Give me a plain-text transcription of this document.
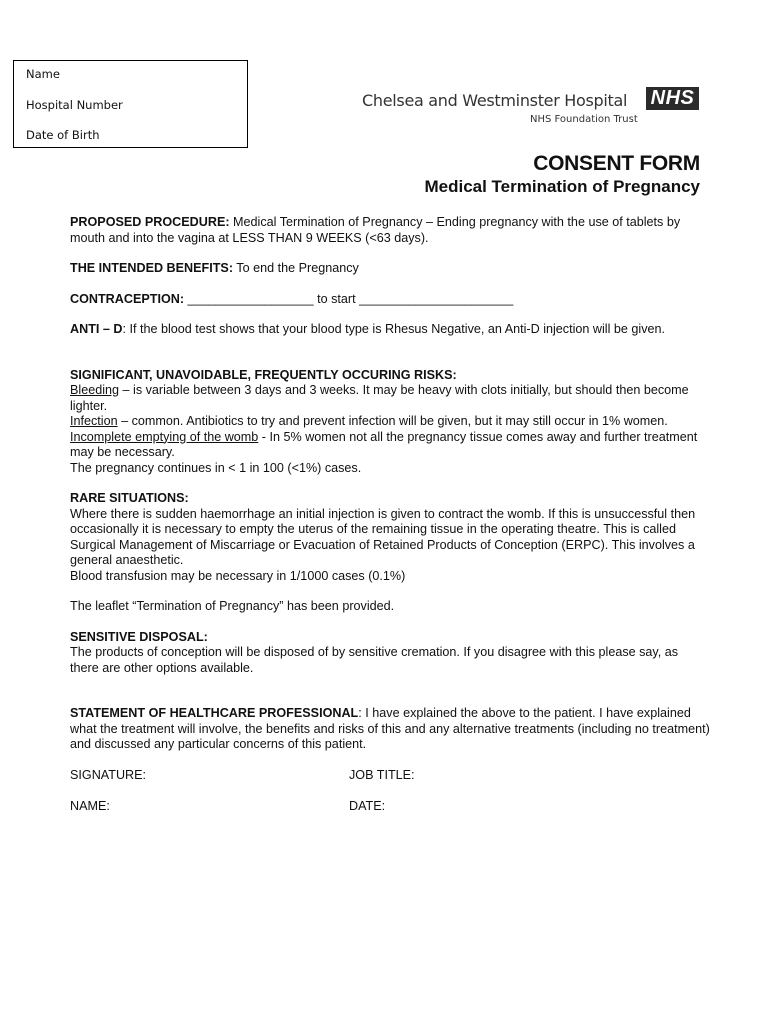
Name
Hospital Number
Date of Birth
Chelsea and Westminster Hospital NHS
NHS Foundation Trust
CONSENT FORM
Medical Termination of Pregnancy

PROPOSED PROCEDURE: Medical Termination of Pregnancy – Ending pregnancy with the use of tablets by mouth and into the vagina at LESS THAN 9 WEEKS (<63 days).

THE INTENDED BENEFITS: To end the Pregnancy

CONTRACEPTION: __________________ to start ______________________

ANTI – D: If the blood test shows that your blood type is Rhesus Negative, an Anti-D injection will be given.

SIGNIFICANT, UNAVOIDABLE, FREQUENTLY OCCURING RISKS:

Bleeding – is variable between 3 days and 3 weeks. It may be heavy with clots initially, but should then become lighter.

Infection – common. Antibiotics to try and prevent infection will be given, but it may still occur in 1% women.

Incomplete emptying of the womb - In 5% women not all the pregnancy tissue comes away and further treatment may be necessary.

The pregnancy continues in < 1 in 100 (<1%) cases.

RARE SITUATIONS:

Where there is sudden haemorrhage an initial injection is given to contract the womb. If this is unsuccessful then occasionally it is necessary to empty the uterus of the remaining tissue in the operating theatre. This is called Surgical Management of Miscarriage or Evacuation of Retained Products of Conception (ERPC). This involves a general anaesthetic.

Blood transfusion may be necessary in 1/1000 cases (0.1%)

The leaflet “Termination of Pregnancy” has been provided.

SENSITIVE DISPOSAL:

The products of conception will be disposed of by sensitive cremation. If you disagree with this please say, as there are other options available.

STATEMENT OF HEALTHCARE PROFESSIONAL: I have explained the above to the patient. I have explained what the treatment will involve, the benefits and risks of this and any alternative treatments (including no treatment) and discussed any particular concerns of this patient.

SIGNATURE:	JOB TITLE:
NAME:	DATE:
